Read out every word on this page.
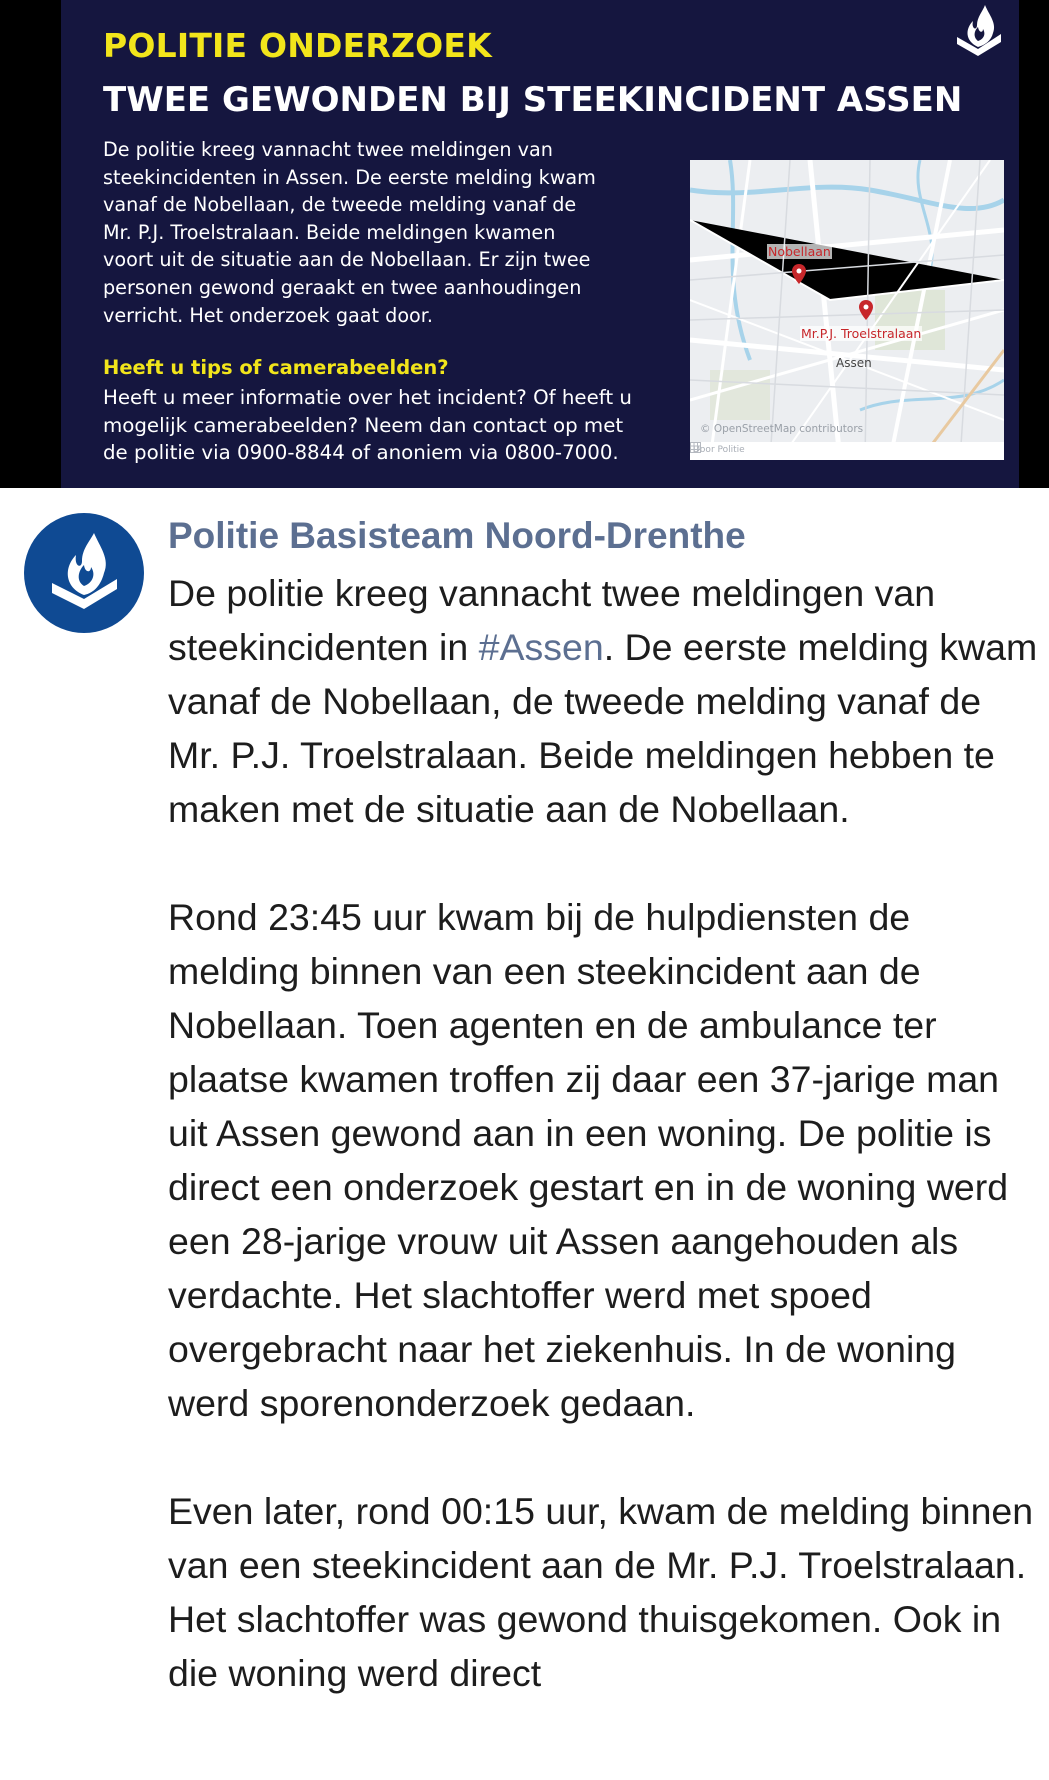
POLITIE ONDERZOEK
TWEE GEWONDEN BIJ STEEKINCIDENT ASSEN

De politie kreeg vannacht twee meldingen van

steekincidenten in Assen. De eerste melding kwam

vanaf de Nobellaan, de tweede melding vanaf de

Mr. P.J. Troelstralaan. Beide meldingen kwamen

voort uit de situatie aan de Nobellaan. Er zijn twee

personen gewond geraakt en twee aanhoudingen

verricht. Het onderzoek gaat door.

Heeft u tips of camerabeelden?
Heeft u meer informatie over het incident? Of heeft u
mogelijk camerabeelden? Neem dan contact op met
de politie via 0900-8844 of anoniem via 0800-7000.
Nobellaan
Mr.P.J. Troelstralaan
Assen
© OpenStreetMap contributors
Door Politie
Politie Basisteam Noord-Drenthe

De politie kreeg vannacht twee meldingen van steekincidenten in #Assen. De eerste melding kwam vanaf de Nobellaan, de tweede melding vanaf de Mr. P.J. Troelstralaan. Beide meldingen hebben te maken met de situatie aan de Nobellaan.

Rond 23:45 uur kwam bij de hulpdiensten de melding binnen van een steekincident aan de Nobellaan. Toen agenten en de ambulance ter plaatse kwamen troffen zij daar een 37-jarige man uit Assen gewond aan in een woning. De politie is direct een onderzoek gestart en in de woning werd een 28-jarige vrouw uit Assen aangehouden als verdachte. Het slachtoffer werd met spoed overgebracht naar het ziekenhuis. In de woning werd sporenonderzoek gedaan.

Even later, rond 00:15 uur, kwam de melding binnen van een steekincident aan de Mr. P.J. Troelstralaan. Het slachtoffer was gewond thuisgekomen. Ook in die woning werd direct
